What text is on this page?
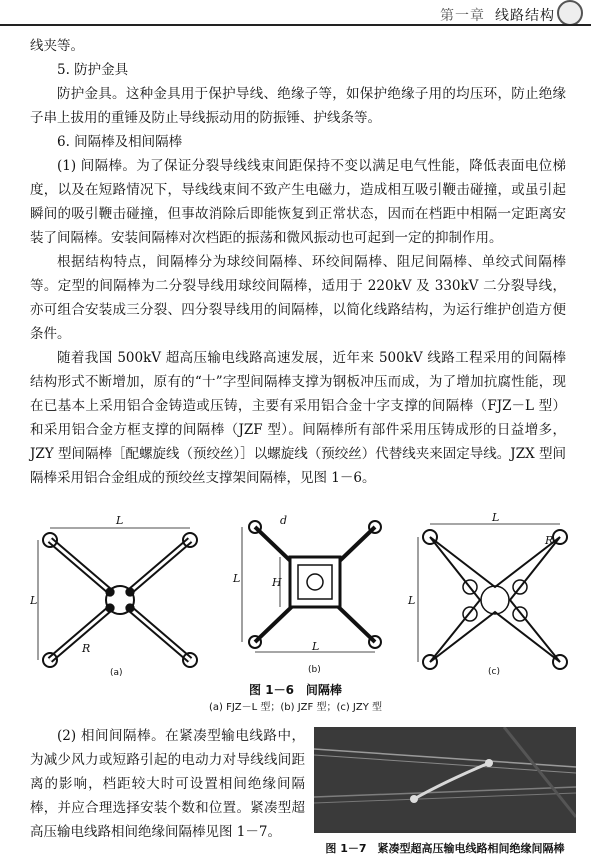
第一章 线路结构

线夹等。

5. 防护金具

防护金具。这种金具用于保护导线、绝缘子等，如保护绝缘子用的均压环，防止绝缘子串上拔用的重锤及防止导线振动用的防振锤、护线条等。

6. 间隔棒及相间隔棒

(1) 间隔棒。为了保证分裂导线线束间距保持不变以满足电气性能，降低表面电位梯度，以及在短路情况下，导线线束间不致产生电磁力，造成相互吸引鞭击碰撞，或虽引起瞬间的吸引鞭击碰撞，但事故消除后即能恢复到正常状态，因而在档距中相隔一定距离安装了间隔棒。安装间隔棒对次档距的振荡和微风振动也可起到一定的抑制作用。

根据结构特点，间隔棒分为球绞间隔棒、环绞间隔棒、阻尼间隔棒、单绞式间隔棒等。定型的间隔棒为二分裂导线用球绞间隔棒，适用于 220kV 及 330kV 二分裂导线，亦可组合安装成三分裂、四分裂导线用的间隔棒，以简化线路结构，为运行维护创造方便条件。

随着我国 500kV 超高压输电线路高速发展，近年来 500kV 线路工程采用的间隔棒结构形式不断增加，原有的“十”字型间隔棒支撑为钢板冲压而成，为了增加抗腐性能，现在已基本上采用铝合金铸造或压铸，主要有采用铝合金十字支撑的间隔棒（FJZ－L 型）和采用铝合金方框支撑的间隔棒（JZF 型）。间隔棒所有部件采用压铸成形的日益增多，JZY 型间隔棒［配螺旋线（预绞丝）］以螺旋线（预绞丝）代替线夹来固定导线。JZX 型间隔棒采用铝合金组成的预绞丝支撑架间隔棒，见图 1－6。

L
L
R
d
H
L
L
L
L
R
(a)	(b)	(c)
图 1－6　间隔棒
(a) FJZ－L 型；(b) JZF 型；(c) JZY 型

(2) 相间间隔棒。在紧凑型输电线路中，为减少风力或短路引起的电动力对导线线间距离的影响，档距较大时可设置相间绝缘间隔棒，并应合理选择安装个数和位置。紧凑型超高压输电线路相间绝缘间隔棒见图 1－7。

图 1－7　紧凑型超高压输电线路相间绝缘间隔棒
